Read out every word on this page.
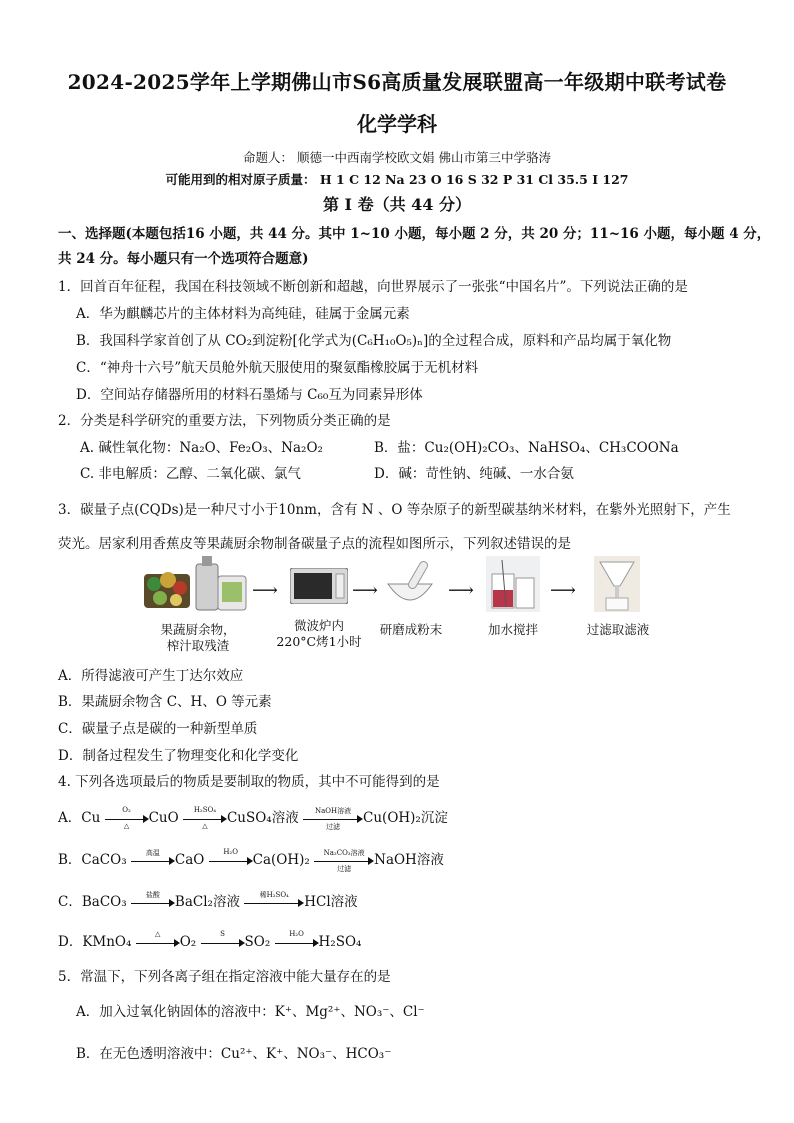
2024-2025学年上学期佛山市S6高质量发展联盟高一年级期中联考试卷
化学学科
命题人： 顺德一中西南学校欧文娟 佛山市第三中学骆涛
可能用到的相对原子质量： H 1 C 12 Na 23 O 16 S 32 P 31 Cl 35.5 I 127
第 I 卷（共 44 分）
一、选择题(本题包括16 小题，共 44 分。其中 1~10 小题，每小题 2 分，共 20 分；11~16 小题，每小题 4 分，
共 24 分。每小题只有一个选项符合题意)
1．回首百年征程，我国在科技领域不断创新和超越，向世界展示了一张张“中国名片”。下列说法正确的是
A．华为麒麟芯片的主体材料为高纯硅，硅属于金属元素
B．我国科学家首创了从 CO₂到淀粉[化学式为(C₆H₁₀O₅)ₙ]的全过程合成，原料和产品均属于氧化物
C．“神舟十六号”航天员舱外航天服使用的聚氨酯橡胶属于无机材料
D．空间站存储器所用的材料石墨烯与 C₆₀互为同素异形体
2．分类是科学研究的重要方法，下列物质分类正确的是
A. 碱性氧化物：Na₂O、Fe₂O₃、Na₂O₂	B．盐：Cu₂(OH)₂CO₃、NaHSO₄、CH₃COONa
C. 非电解质：乙醇、二氧化碳、氯气	D．碱：苛性钠、纯碱、一水合氨
3．碳量子点(CQDs)是一种尺寸小于10nm，含有 N 、O 等杂原子的新型碳基纳米材料，在紫外光照射下，产生
荧光。居家利用香蕉皮等果蔬厨余物制备碳量子点的流程如图所示，下列叙述错误的是
⟶	⟶	⟶	⟶
果蔬厨余物，
榨汁取残渣
微波炉内
220°C烤1小时
研磨成粉末	加水搅拌	过滤取滤液
A．所得滤液可产生丁达尔效应
B．果蔬厨余物含 C、H、O 等元素
C．碳量子点是碳的一种新型单质
D．制备过程发生了物理变化和化学变化
4. 下列各选项最后的物质是要制取的物质，其中不可能得到的是
A．Cu
O₂
△	CuO
H₂SO₄
△	CuSO₄溶液	NaOH溶液
过滤
Cu(OH)₂沉淀
B．CaCO₃	高温	CaO
H₂O
Ca(OH)₂	Na₂CO₃溶液
过滤
NaOH溶液
C．BaCO₃	盐酸	BaCl₂溶液	稀H₂SO₄	HCl溶液
D．KMnO₄
△
O₂
S
SO₂
H₂O
H₂SO₄
5．常温下，下列各离子组在指定溶液中能大量存在的是
A．加入过氧化钠固体的溶液中：K⁺、Mg²⁺、NO₃⁻、Cl⁻
B．在无色透明溶液中：Cu²⁺、K⁺、NO₃⁻、HCO₃⁻
